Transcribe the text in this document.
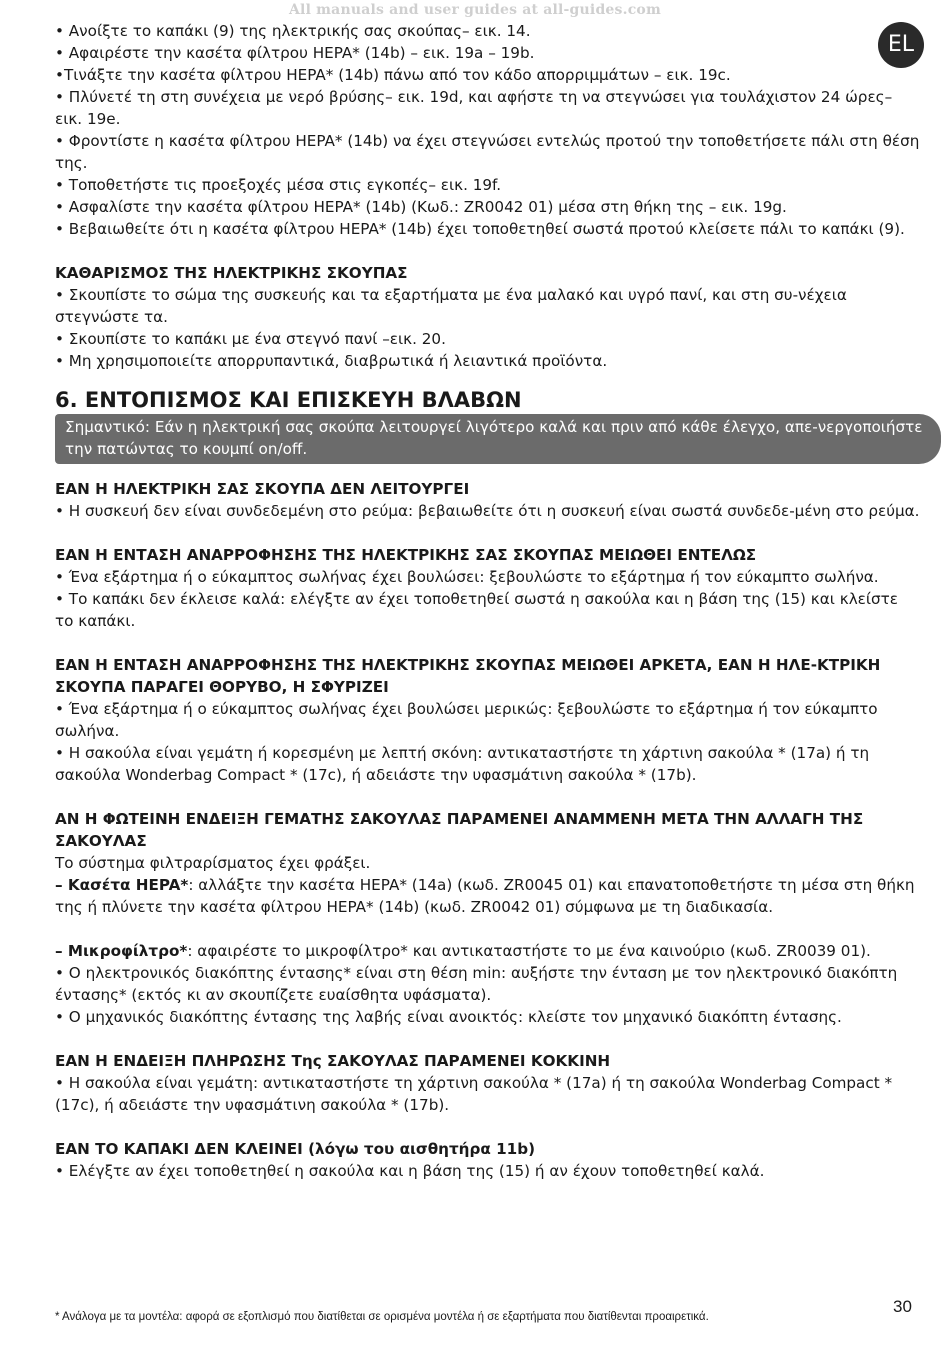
All manuals and user guides at all-guides.com
EL

• Ανοίξτε το καπάκι (9) της ηλεκτρικής σας σκούπας– εικ. 14.

• Αφαιρέστε την κασέτα φίλτρου HEPA* (14b) – εικ. 19a – 19b.

•Τινάξτε την κασέτα φίλτρου HEPA* (14b) πάνω από τον κάδο απορριμμάτων – εικ. 19c.

• Πλύνετέ τη στη συνέχεια με νερό βρύσης– εικ. 19d, και αφήστε τη να στεγνώσει για τουλάχιστον 24 ώρες– εικ. 19e.

• Φροντίστε η κασέτα φίλτρου HEPA* (14b) να έχει στεγνώσει εντελώς προτού την τοποθετήσετε πάλι στη θέση της.

• Τοποθετήστε τις προεξοχές μέσα στις εγκοπές– εικ. 19f.

• Ασφαλίστε την κασέτα φίλτρου HEPA* (14b) (Κωδ.: ZR0042 01) μέσα στη θήκη της – εικ. 19g.

• Βεβαιωθείτε ότι η κασέτα φίλτρου HEPA* (14b) έχει τοποθετηθεί σωστά προτού κλείσετε πάλι το καπάκι (9).

ΚΑΘΑΡΙΣΜΟΣ ΤΗΣ ΗΛΕΚΤΡΙΚΗΣ ΣΚΟΥΠΑΣ

• Σκουπίστε το σώμα της συσκευής και τα εξαρτήματα με ένα μαλακό και υγρό πανί, και στη συ-νέχεια στεγνώστε τα.

• Σκουπίστε το καπάκι με ένα στεγνό πανί –εικ. 20.

• Μη χρησιμοποιείτε απορρυπαντικά, διαβρωτικά ή λειαντικά προϊόντα.

6. ΕΝΤΟΠΙΣΜΟΣ ΚΑΙ ΕΠΙΣΚΕΥΗ ΒΛΑΒΩΝ

Σημαντικό: Εάν η ηλεκτρική σας σκούπα λειτουργεί λιγότερο καλά και πριν από κάθε έλεγχο, απε-νεργοποιήστε την πατώντας το κουμπί on/off.

ΕΑΝ Η ΗΛΕΚΤΡΙΚΗ ΣΑΣ ΣΚΟΥΠΑ ΔΕΝ ΛΕΙΤΟΥΡΓΕΙ

• Η συσκευή δεν είναι συνδεδεμένη στο ρεύμα: βεβαιωθείτε ότι η συσκευή είναι σωστά συνδεδε-μένη στο ρεύμα.

ΕΑΝ Η ΕΝΤΑΣΗ ΑΝΑΡΡΟΦΗΣΗΣ ΤΗΣ ΗΛΕΚΤΡΙΚΗΣ ΣΑΣ ΣΚΟΥΠΑΣ ΜΕΙΩΘΕΙ ΕΝΤΕΛΩΣ

• Ένα εξάρτημα ή ο εύκαμπτος σωλήνας έχει βουλώσει: ξεβουλώστε το εξάρτημα ή τον εύκαμπτο σωλήνα.

• Το καπάκι δεν έκλεισε καλά: ελέγξτε αν έχει τοποθετηθεί σωστά η σακούλα και η βάση της (15) και κλείστε το καπάκι.

ΕΑΝ Η ΕΝΤΑΣΗ ΑΝΑΡΡΟΦΗΣΗΣ ΤΗΣ ΗΛΕΚΤΡΙΚΗΣ ΣΚΟΥΠΑΣ ΜΕΙΩΘΕΙ ΑΡΚΕΤΑ, ΕΑΝ Η ΗΛΕ-ΚΤΡΙΚΗ ΣΚΟΥΠΑ ΠΑΡΑΓΕΙ ΘΟΡΥΒΟ, Η ΣΦΥΡΙΖΕΙ

• Ένα εξάρτημα ή ο εύκαμπτος σωλήνας έχει βουλώσει μερικώς: ξεβουλώστε το εξάρτημα ή τον εύκαμπτο σωλήνα.

• Η σακούλα είναι γεμάτη ή κορεσμένη με λεπτή σκόνη: αντικαταστήστε τη χάρτινη σακούλα * (17a) ή τη σακούλα Wonderbag Compact * (17c), ή αδειάστε την υφασμάτινη σακούλα * (17b).

ΑΝ Η ΦΩΤΕΙΝΗ ΕΝΔΕΙΞΗ ΓΕΜΑΤΗΣ ΣΑΚΟΥΛΑΣ ΠΑΡΑΜΕΝΕΙ ΑΝΑΜΜΕΝΗ ΜΕΤΑ ΤΗΝ ΑΛΛΑΓΗ ΤΗΣ ΣΑΚΟΥΛΑΣ

Το σύστημα φιλτραρίσματος έχει φράξει.

– Κασέτα HEPA*: αλλάξτε την κασέτα HEPA* (14a) (κωδ. ZR0045 01) και επανατοποθετήστε τη μέσα στη θήκη της ή πλύνετε την κασέτα φίλτρου HEPA* (14b) (κωδ. ZR0042 01) σύμφωνα με τη διαδικασία.

– Μικροφίλτρο*: αφαιρέστε το μικροφίλτρο* και αντικαταστήστε το με ένα καινούριο (κωδ. ZR0039 01).

• Ο ηλεκτρονικός διακόπτης έντασης* είναι στη θέση min: αυξήστε την ένταση με τον ηλεκτρονικό διακόπτη έντασης* (εκτός κι αν σκουπίζετε ευαίσθητα υφάσματα).

• Ο μηχανικός διακόπτης έντασης της λαβής είναι ανοικτός: κλείστε τον μηχανικό διακόπτη έντασης.

ΕΑΝ Η ΕΝΔΕΙΞΗ ΠΛΗΡΩΣΗΣ Της ΣΑΚΟΥΛΑΣ ΠΑΡΑΜΕΝΕΙ ΚΟΚΚΙΝΗ

• Η σακούλα είναι γεμάτη: αντικαταστήστε τη χάρτινη σακούλα * (17a) ή τη σακούλα Wonderbag Compact * (17c), ή αδειάστε την υφασμάτινη σακούλα * (17b).

ΕΑΝ ΤΟ ΚΑΠΑΚΙ ΔΕΝ ΚΛΕΙΝΕΙ (λόγω του αισθητήρα 11b)

• Ελέγξτε αν έχει τοποθετηθεί η σακούλα και η βάση της (15) ή αν έχουν τοποθετηθεί καλά.

* Ανάλογα με τα μοντέλα: αφορά σε εξοπλισμό που διατίθεται σε ορισμένα μοντέλα ή σε εξαρτήματα που διατίθενται προαιρετικά.
30
